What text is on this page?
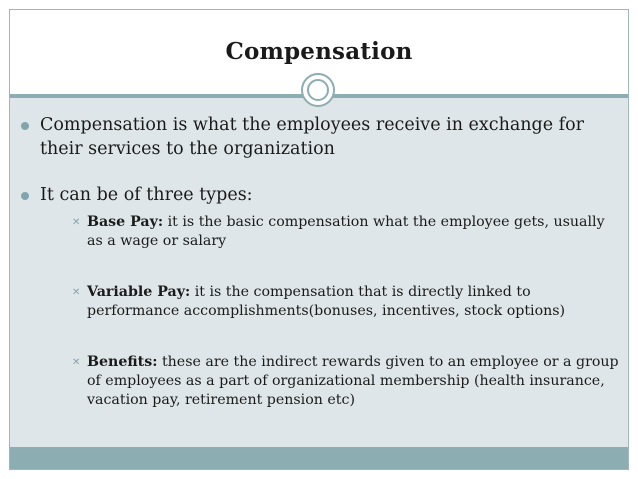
Compensation
Compensation is what the employees receive in exchange for their services to the organization
It can be of three types:
✕ Base Pay: it is the basic compensation what the employee gets, usually as a wage or salary
✕ Variable Pay: it is the compensation that is directly linked to performance accomplishments(bonuses, incentives, stock options)
✕ Benefits: these are the indirect rewards given to an employee or a group of employees as a part of organizational membership (health insurance, vacation pay, retirement pension etc)
